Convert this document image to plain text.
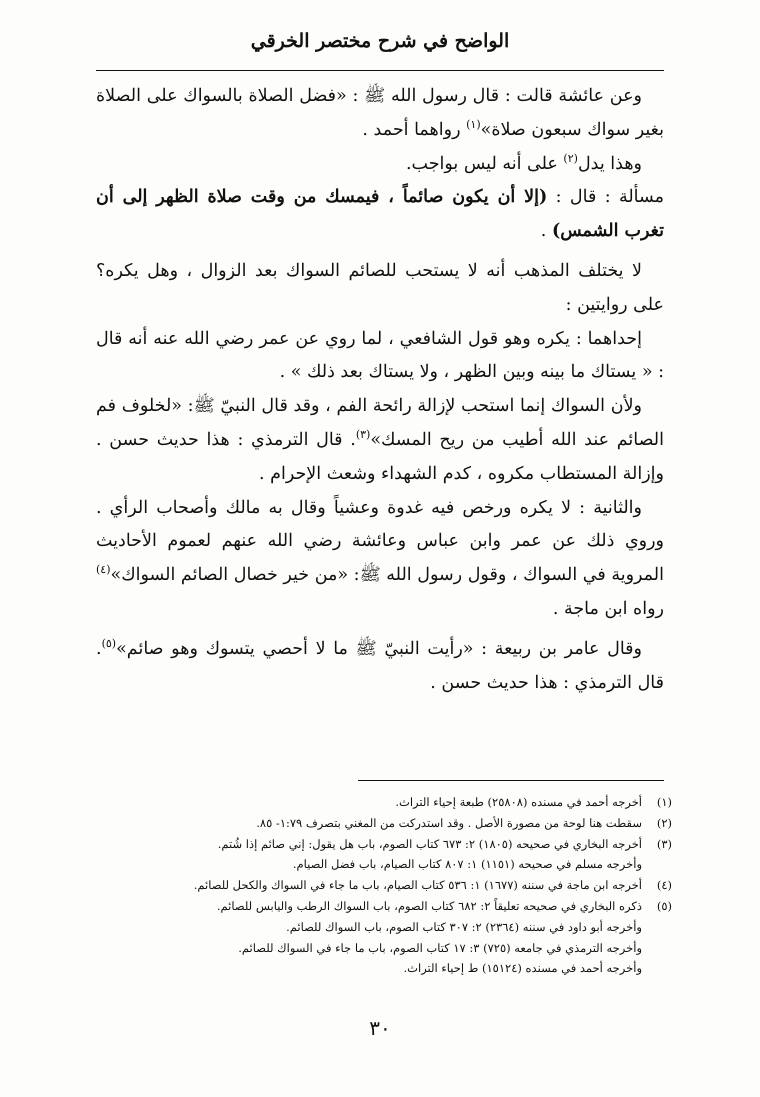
الواضح في شرح مختصر الخرقي

وعن عائشة قالت : قال رسول الله ﷺ : «فضل الصلاة بالسواك على الصلاة بغير سواك سبعون صلاة»$^{(١)}$ رواهما أحمد .

وهذا يدل$^{(٢)}$ على أنه ليس بواجب.

مسألة : قال : (إلا أن يكون صائماً ، فيمسك من وقت صلاة الظهر إلى أن تغرب الشمس) .

لا يختلف المذهب أنه لا يستحب للصائم السواك بعد الزوال ، وهل يكره؟ على روايتين :

إحداهما : يكره وهو قول الشافعي ، لما روي عن عمر رضي الله عنه أنه قال : « يستاك ما بينه وبين الظهر ، ولا يستاك بعد ذلك » .

ولأن السواك إنما استحب لإزالة رائحة الفم ، وقد قال النبيّ ﷺ: «لخلوف فم الصائم عند الله أطيب من ريح المسك»$^{(٣)}$. قال الترمذي : هذا حديث حسن . وإزالة المستطاب مكروه ، كدم الشهداء وشعث الإحرام .

والثانية : لا يكره ورخص فيه غدوة وعشياً وقال به مالك وأصحاب الرأي . وروي ذلك عن عمر وابن عباس وعائشة رضي الله عنهم لعموم الأحاديث المروية في السواك ، وقول رسول الله ﷺ: «من خير خصال الصائم السواك»$^{(٤)}$ رواه ابن ماجة .

وقال عامر بن ربيعة : «رأيت النبيّ ﷺ ما لا أحصي يتسوك وهو صائم»$^{(٥)}$. قال الترمذي : هذا حديث حسن .

(١)أخرجه أحمد في مسنده (٢٥٨٠٨) طبعة إحياء التراث.

(٢)سقطت هنا لوحة من مصورة الأصل . وقد استدركت من المغني بتصرف ١:٧٩- ٨٥.

(٣)أخرجه البخاري في صحيحه (١٨٠٥) ٢: ٦٧٣ كتاب الصوم، باب هل يقول: إني صائم إذا شُتم.

وأخرجه مسلم في صحيحه (١١٥١) ١: ٨٠٧ كتاب الصيام، باب فضل الصيام.

(٤)أخرجه ابن ماجة في سننه (١٦٧٧) ١: ٥٣٦ كتاب الصيام، باب ما جاء في السواك والكحل للصائم.

(٥)ذكره البخاري في صحيحه تعليقاً ٢: ٦٨٢ كتاب الصوم، باب السواك الرطب واليابس للصائم.

وأخرجه أبو داود في سننه (٢٣٦٤) ٢: ٣٠٧ كتاب الصوم، باب السواك للصائم.

وأخرجه الترمذي في جامعه (٧٢٥) ٣: ١٧ كتاب الصوم، باب ما جاء في السواك للصائم.

وأخرجه أحمد في مسنده (١٥١٢٤) ط إحياء التراث.

٣٠
